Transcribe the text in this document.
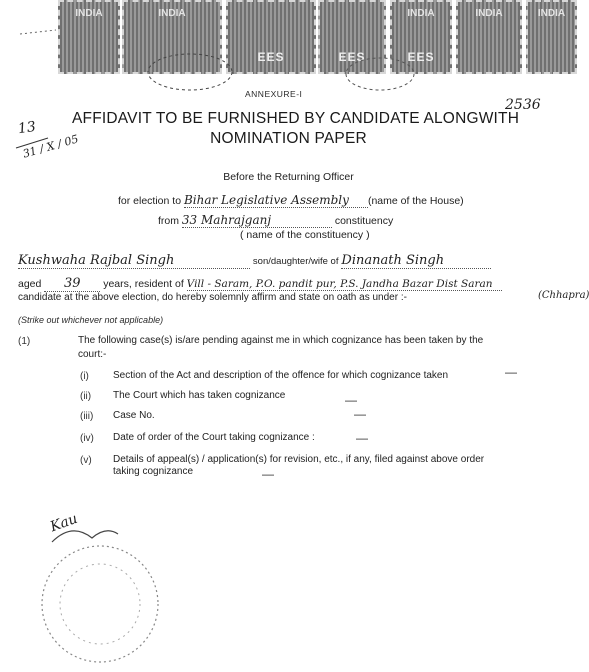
INDIA	INDIA
EES	EES
INDIA
EES
INDIA	INDIA
ANNEXURE-I
2536
13
31 / X / 05
AFFIDAVIT TO BE FURNISHED BY CANDIDATE ALONGWITH
NOMINATION PAPER
Before the Returning Officer
for election to Bihar Legislative Assembly (name of the House)
from 33 Mahrajganj	constituency
( name of the constituency )
Kushwaha Rajbal Singh	son/daughter/wife of Dinanath Singh
aged 39 years, resident of Vill - Saram, P.O. pandit pur, P.S. Jandha Bazar Dist Saran
(Chhapra)
candidate at the above election, do hereby solemnly affirm and state on oath as under :-
(Strike out whichever not applicable)
(1)	The following case(s) is/are pending against me in which cognizance has been taken by the
court:-
(i) Section of the Act and description of the offence for which cognizance taken	—
(ii) The Court which has taken cognizance	—
(iii) Case No.	—
(iv) Date of order of the Court taking cognizance :	—
(v) Details of appeal(s) / application(s) for revision, etc., if any, filed against above order
taking cognizance	—
Kau
